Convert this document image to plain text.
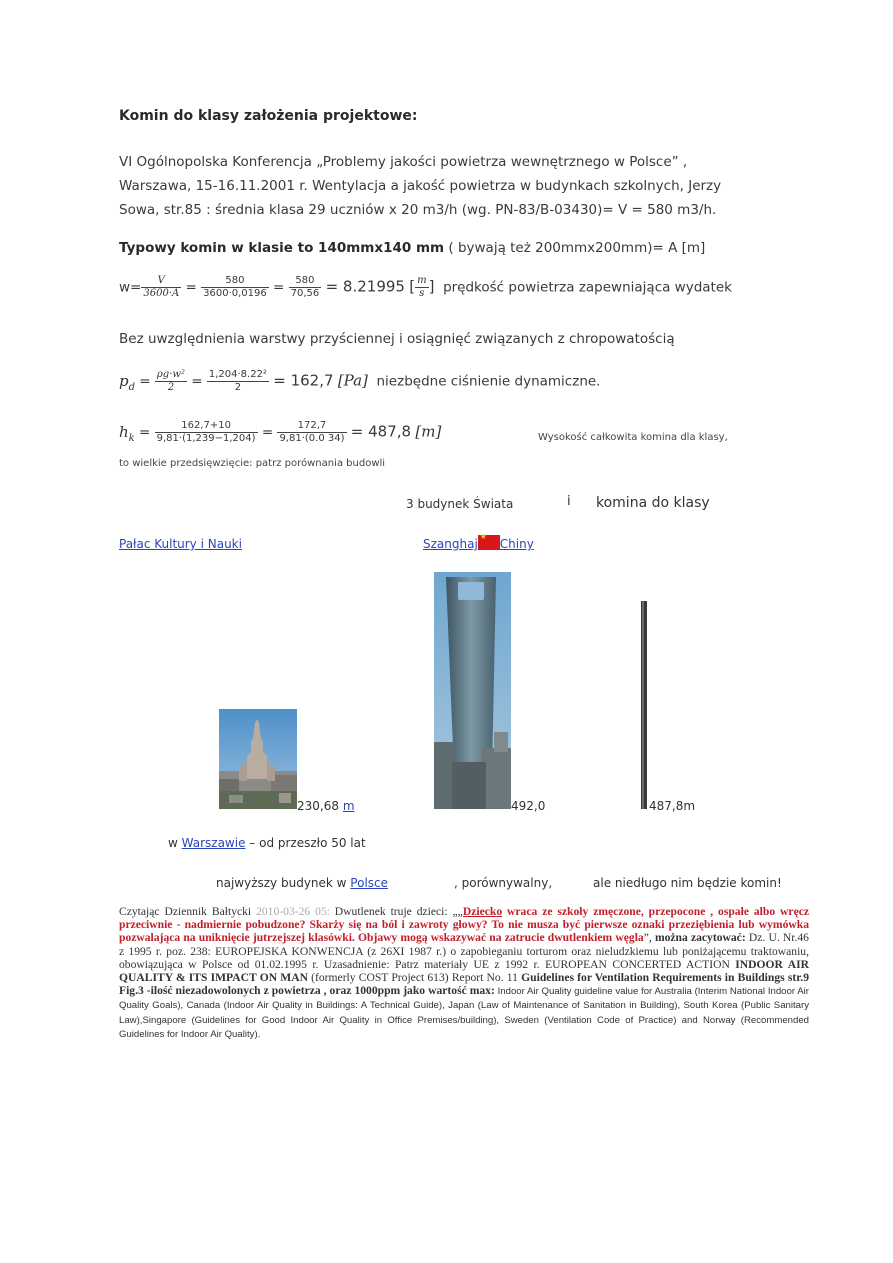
Komin do klasy założenia projektowe:
VI Ogólnopolska Konferencja „Problemy jakości powietrza wewnętrznego w Polsce” ,
Warszawa, 15-16.11.2001 r. Wentylacja a jakość powietrza w budynkach szkolnych, Jerzy
Sowa, str.85 : średnia klasa 29 uczniów x 20 m3/h (wg. PN-83/B-03430)= V = 580 m3/h.
Typowy komin w klasie to 140mmx140 mm ( bywają też 200mmx200mm)= A [m]
$w= \frac{V}{3600\cdot A} = \frac{580}{3600\cdot 0,0196} = \frac{580}{70,56} = 8.21995$ [ $\frac{m}{s}$ ] prędkość powietrza zapewniająca wydatek
Bez uwzględnienia warstwy przyściennej i osiągnięć związanych z chropowatością
$p_d = \frac{\text{ρg·w²}}{2} = \frac{\text{1,204·8.22²}}{2} = 162,7$ [Pa] niezbędne ciśnienie dynamiczne.
$h_k = \frac{162,7+10}{9,81\cdot(1,239-1,204)} = \frac{172,7}{9,81\cdot(0.0 34)} = 487,8$ [m]	Wysokość całkowita komina dla klasy,
to wielkie przedsięwzięcie: patrz porównania budowli
3 budynek Świata	i komina do klasy
Pałac Kultury i Nauki	Szanghaj★ Chiny
230,68 m	492,0	487,8m
w Warszawie – od przeszło 50 lat
najwyższy budynek w Polsce	, porównywalny,	ale niedługo nim będzie komin!
Czytając Dziennik Bałtycki 2010-03-26 05: Dwutlenek truje dzieci: „„Dziecko wraca ze szkoły zmęczone, przepocone , ospałe albo wręcz przeciwnie - nadmiernie pobudzone? Skarży się na ból i zawroty głowy? To nie musza być pierwsze oznaki przeziębienia lub wymówka pozwalająca na uniknięcie jutrzejszej klasówki. Objawy mogą wskazywać na zatrucie dwutlenkiem węgla”, można zacytować: Dz. U. Nr.46 z 1995 r. poz. 238: EUROPEJSKA KONWENCJA (z 26XI 1987 r.) o zapobieganiu torturom oraz nieludzkiemu lub poniżającemu traktowaniu, obowiązująca w Polsce od 01.02.1995 r. Uzasadnienie: Patrz materiały UE z 1992 r. EUROPEAN CONCERTED ACTION INDOOR AIR QUALITY & ITS IMPACT ON MAN (formerly COST Project 613) Report No. 11 Guidelines for Ventilation Requirements in Buildings str.9 Fig.3 -ilość niezadowolonych z powietrza , oraz 1000ppm jako wartość max: Indoor Air Quality guideline value for Australia (Interim National Indoor Air Quality Goals), Canada (Indoor Air Quality in Buildings: A Technical Guide), Japan (Law of Maintenance of Sanitation in Building), South Korea (Public Sanitary Law),Singapore (Guidelines for Good Indoor Air Quality in Office Premises/building), Sweden (Ventilation Code of Practice) and Norway (Recommended Guidelines for Indoor Air Quality).
